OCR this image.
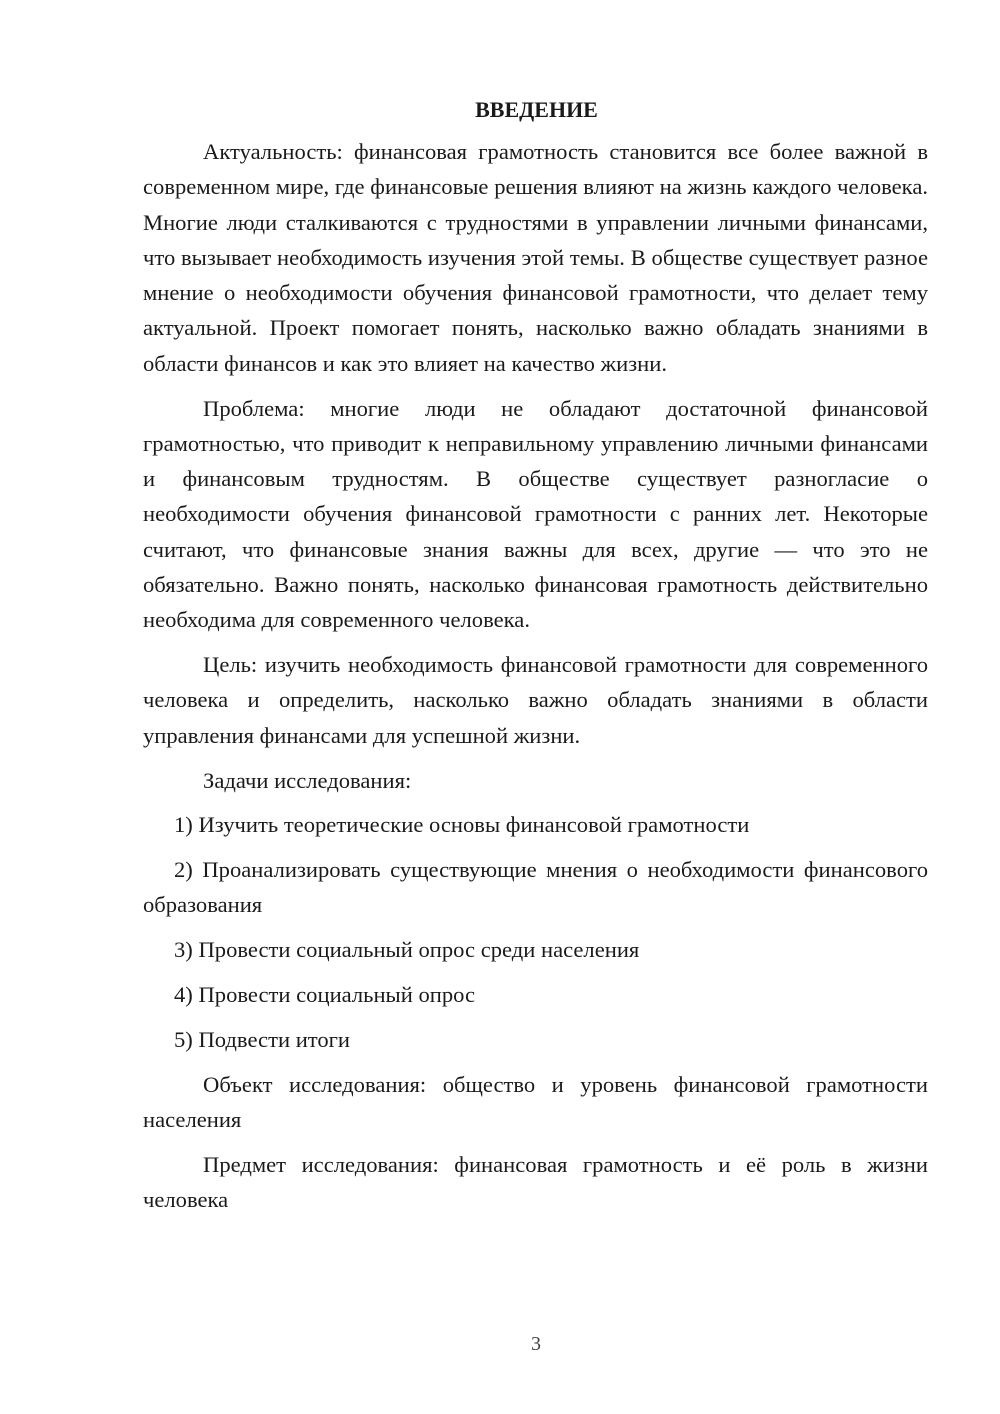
ВВЕДЕНИЕ

Актуальность: финансовая грамотность становится все более важной в современном мире, где финансовые решения влияют на жизнь каждого человека. Многие люди сталкиваются с трудностями в управлении личными финансами, что вызывает необходимость изучения этой темы. В обществе существует разное мнение о необходимости обучения финансовой грамотности, что делает тему актуальной. Проект помогает понять, насколько важно обладать знаниями в области финансов и как это влияет на качество жизни.

Проблема: многие люди не обладают достаточной финансовой грамотностью, что приводит к неправильному управлению личными финансами и финансовым трудностям. В обществе существует разногласие о необходимости обучения финансовой грамотности с ранних лет. Некоторые считают, что финансовые знания важны для всех, другие — что это не обязательно. Важно понять, насколько финансовая грамотность действительно необходима для современного человека.

Цель: изучить необходимость финансовой грамотности для современного человека и определить, насколько важно обладать знаниями в области управления финансами для успешной жизни.

Задачи исследования:

1) Изучить теоретические основы финансовой грамотности

2) Проанализировать существующие мнения о необходимости финансового образования

3) Провести социальный опрос среди населения

4) Провести социальный опрос

5) Подвести итоги

Объект исследования: общество и уровень финансовой грамотности населения

Предмет исследования: финансовая грамотность и её роль в жизни человека

3
